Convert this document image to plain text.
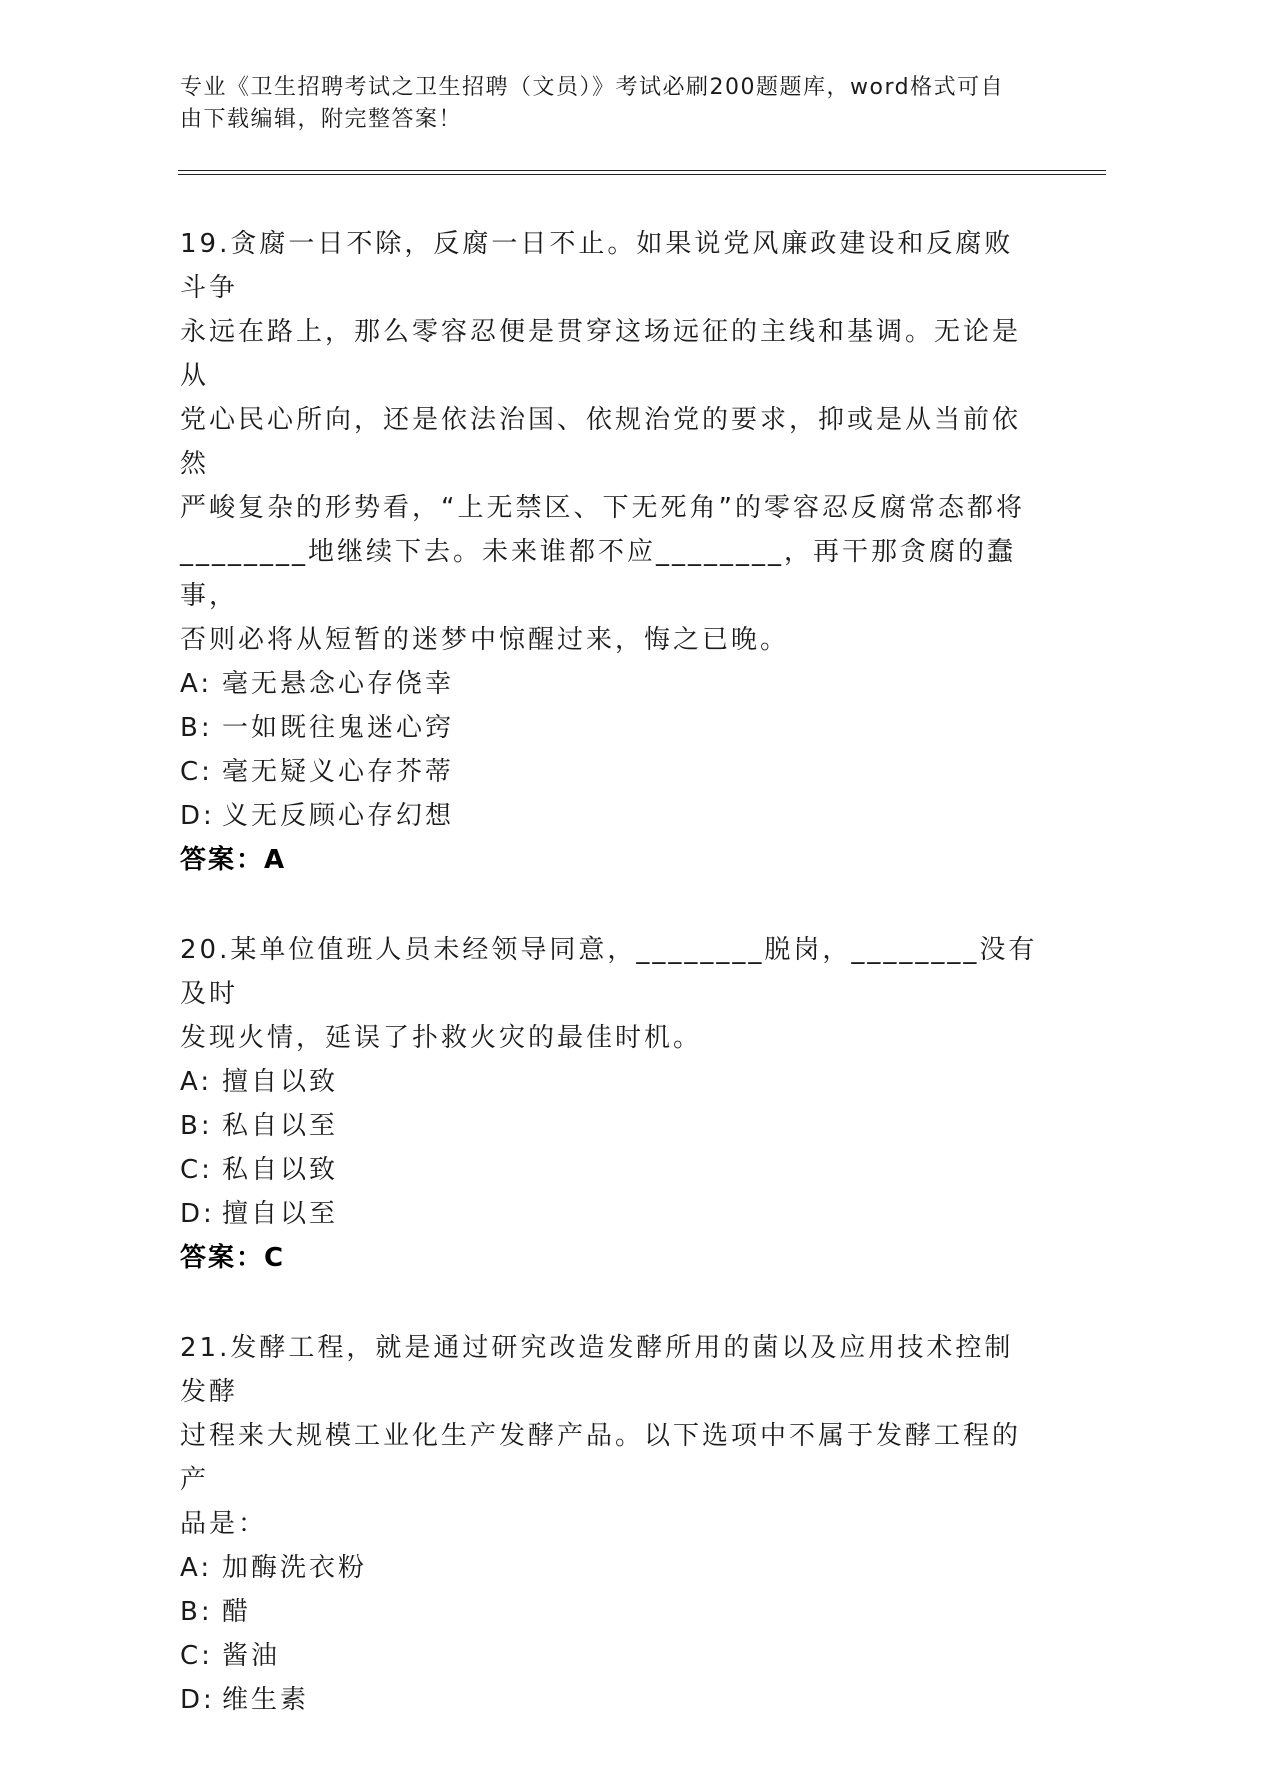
专业《卫生招聘考试之卫生招聘（文员）》考试必刷200题题库，word格式可自
由下载编辑，附完整答案！

19.贪腐一日不除，反腐一日不止。如果说党风廉政建设和反腐败斗争

永远在路上，那么零容忍便是贯穿这场远征的主线和基调。无论是从

党心民心所向，还是依法治国、依规治党的要求，抑或是从当前依然

严峻复杂的形势看，“上无禁区、下无死角”的零容忍反腐常态都将

________地继续下去。未来谁都不应________，再干那贪腐的蠢事，

否则必将从短暂的迷梦中惊醒过来，悔之已晚。

A: 毫无悬念心存侥幸

B: 一如既往鬼迷心窍

C: 毫无疑义心存芥蒂

D: 义无反顾心存幻想

答案：A

20.某单位值班人员未经领导同意，________脱岗，________没有及时

发现火情，延误了扑救火灾的最佳时机。

A: 擅自以致

B: 私自以至

C: 私自以致

D: 擅自以至

答案：C

21.发酵工程，就是通过研究改造发酵所用的菌以及应用技术控制发酵

过程来大规模工业化生产发酵产品。以下选项中不属于发酵工程的产

品是：

A: 加酶洗衣粉

B: 醋

C: 酱油

D: 维生素
